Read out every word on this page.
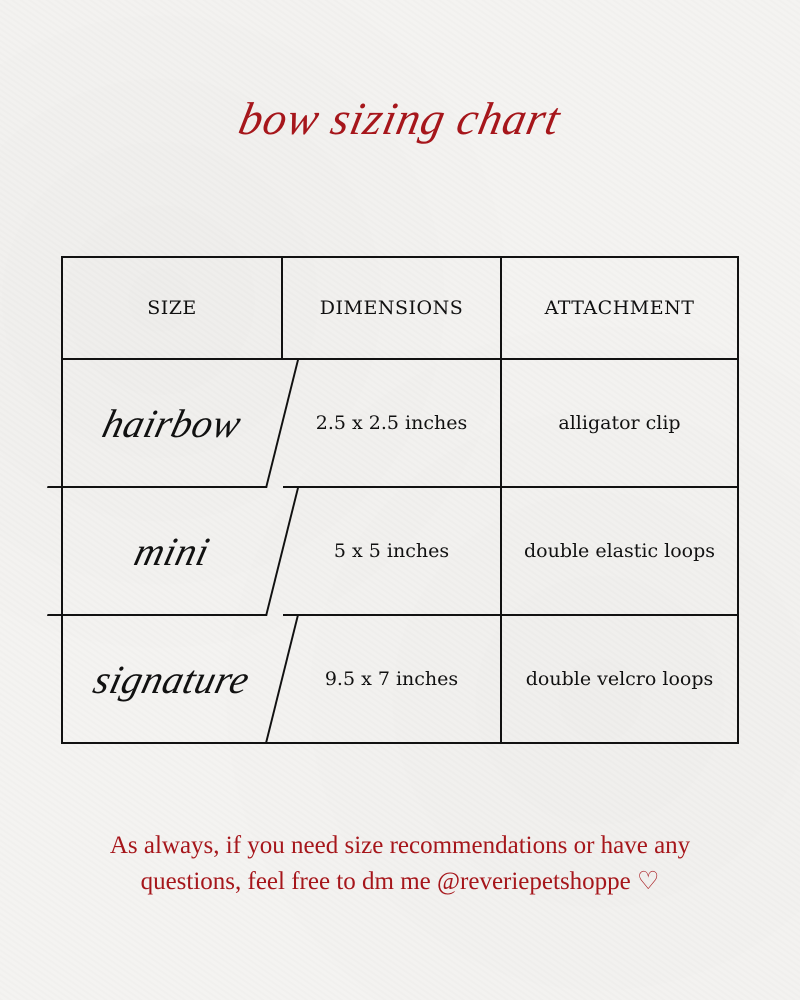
bow sizing chart
SIZE	DIMENSIONS	ATTACHMENT
hairbow	2.5 x 2.5 inches	alligator clip
mini	5 x 5 inches	double elastic loops
signature	9.5 x 7 inches	double velcro loops
As always, if you need size recommendations or have any
questions, feel free to dm me @reveriepetshoppe ♡
